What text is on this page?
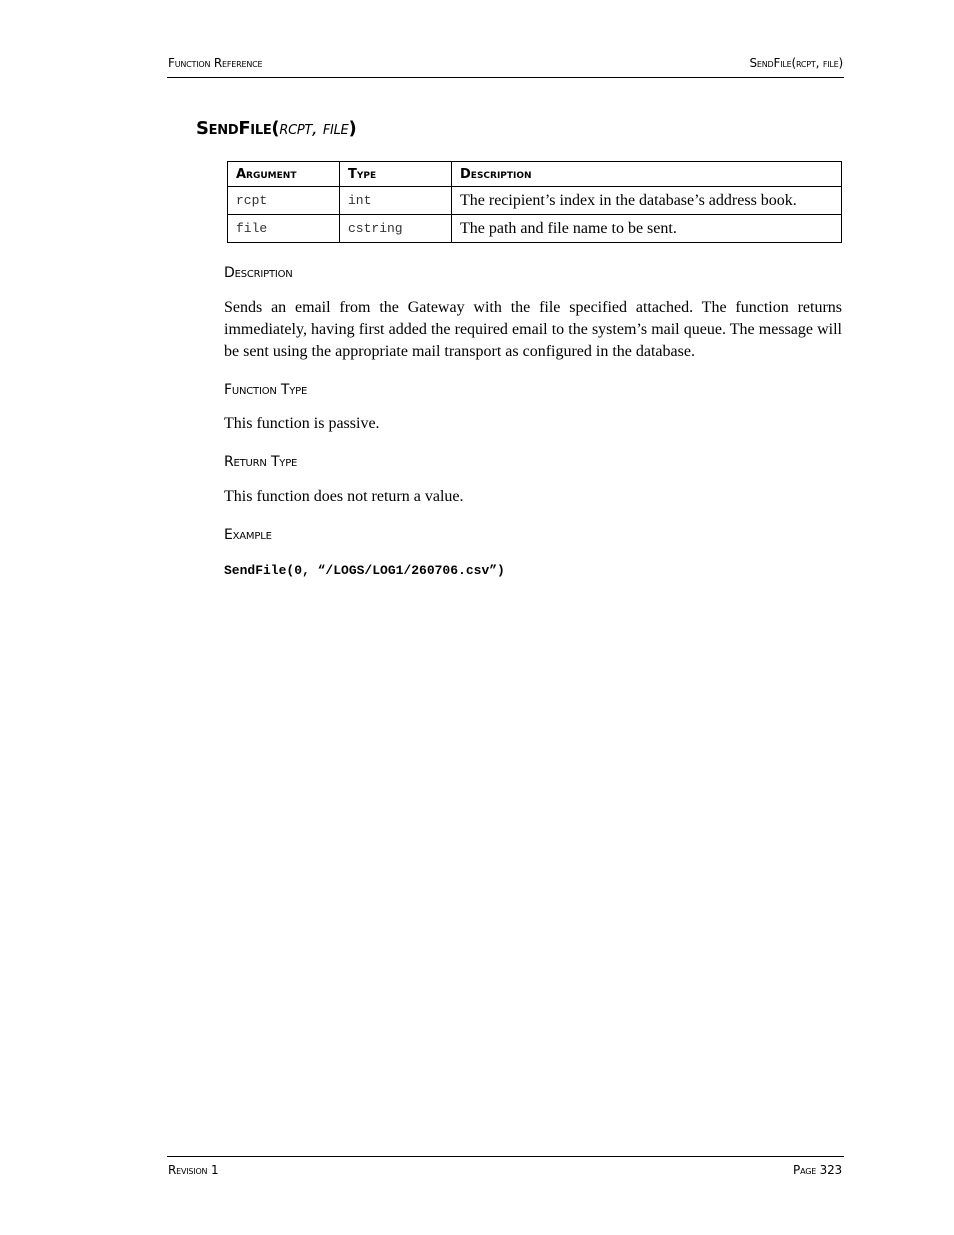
Function Reference	SendFile(rcpt, file)
SendFile(rcpt, file)
Argument	Type	Description
rcpt	int	The recipient’s index in the database’s address book.
file	cstring	The path and file name to be sent.
Description
Sends an email from the Gateway with the file specified attached. The function returns immediately, having first added the required email to the system’s mail queue. The message will be sent using the appropriate mail transport as configured in the database.
Function Type
This function is passive.
Return Type
This function does not return a value.
Example
SendFile(0, “/LOGS/LOG1/260706.csv”)
Revision 1	Page 323
